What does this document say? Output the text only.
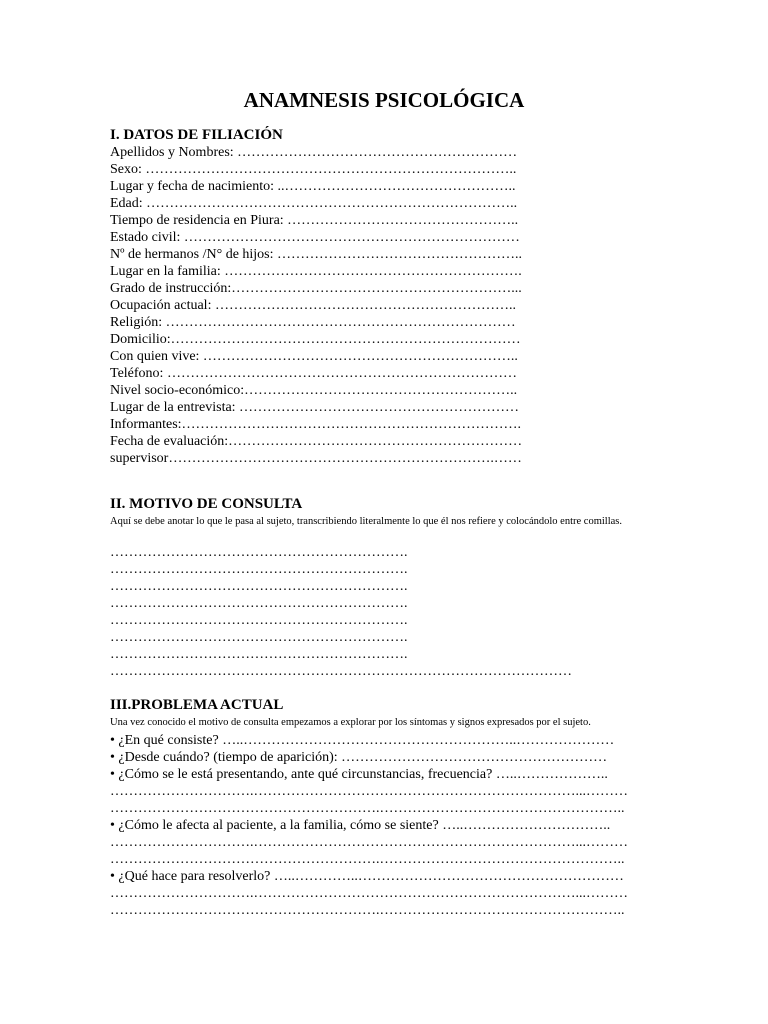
ANAMNESIS PSICOLÓGICA
I. DATOS DE FILIACIÓN
Apellidos y Nombres: ……………………………………………………
Sexo: ……………………………………………………………………..
Lugar y fecha de nacimiento: ..…………………………………………..
Edad: ……………………………………………………………………..
Tiempo de residencia en Piura: …………………………………………..
Estado civil: ………………………………………………………………
Nº de hermanos /N° de hijos: ……………………………………………..
Lugar en la familia: ……………………………………………………….
Grado de instrucción:……………………………………………………...
Ocupación actual: ………………………………………………………..
Religión: …………………………………………………………………
Domicilio:…………………………………………………………………
Con quien vive: …………………………………………………………..
Teléfono: …………………………………………………………………
Nivel socio-económico:…………………………………………………..
Lugar de la entrevista: ……………………………………………………
Informantes:……………………………………………………………….
Fecha de evaluación:………………………………………………………
supervisor…………………………………………………………….……
II. MOTIVO DE CONSULTA
Aquí se debe anotar lo que le pasa al sujeto, transcribiendo literalmente lo que él nos refiere y colocándolo entre comillas.
……………………………………………………….
……………………………………………………….
……………………………………………………….
……………………………………………………….
……………………………………………………….
……………………………………………………….
……………………………………………………….
………………………………………………………………………………………
III.PROBLEMA ACTUAL
Una vez conocido el motivo de consulta empezamos a explorar por los síntomas y signos expresados por el sujeto.
• ¿En qué consiste? …..…………………………………………………..…………………
• ¿Desde cuándo? (tiempo de aparición): …………………………………………………
• ¿Cómo se le está presentando, ante qué circunstancias, frecuencia? …..………………..
………………………….……………………………………………………………...………
………………………………………………….……………………………………………..
• ¿Cómo le afecta al paciente, a la familia, cómo se siente? …..…………………………..
………………………….……………………………………………………………...………
………………………………………………….……………………………………………..
• ¿Qué hace para resolverlo? …..…………..…………………………………………………
………………………….……………………………………………………………...………
………………………………………………….……………………………………………..
